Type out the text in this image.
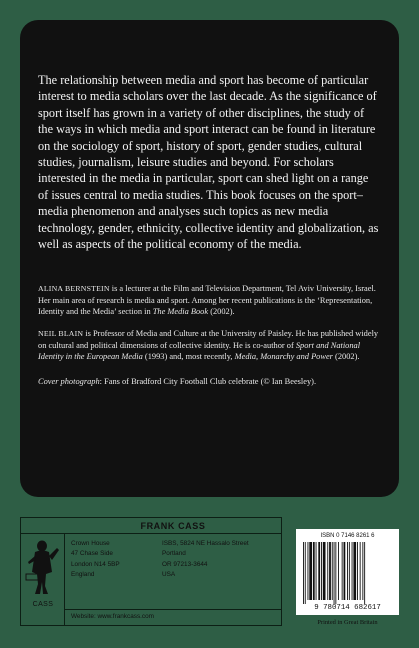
The relationship between media and sport has become of particular interest to media scholars over the last decade. As the significance of sport itself has grown in a variety of other disciplines, the study of the ways in which media and sport interact can be found in literature on the sociology of sport, history of sport, gender studies, cultural studies, journalism, leisure studies and beyond. For scholars interested in the media in particular, sport can shed light on a range of issues central to media studies. This book focuses on the sport–media phenomenon and analyses such topics as new media technology, gender, ethnicity, collective identity and globalization, as well as aspects of the political economy of the media.

ALINA BERNSTEIN is a lecturer at the Film and Television Department, Tel Aviv University, Israel. Her main area of research is media and sport. Among her recent publications is the ‘Representation, Identity and the Media’ section in The Media Book (2002).

NEIL BLAIN is Professor of Media and Culture at the University of Paisley. He has published widely on cultural and political dimensions of collective identity. He is co-author of Sport and National Identity in the European Media (1993) and, most recently, Media, Monarchy and Power (2002).

Cover photograph: Fans of Bradford City Football Club celebrate (© Ian Beesley).

FRANK CASS
CASS
Crown House
47 Chase Side
London N14 5BP
England
ISBS, 5824 NE Hassalo Street
Portland
OR 97213-3644
USA
Website: www.frankcass.com
ISBN 0 7146 8261 6
9 780714 682617
Printed in Great Britain
